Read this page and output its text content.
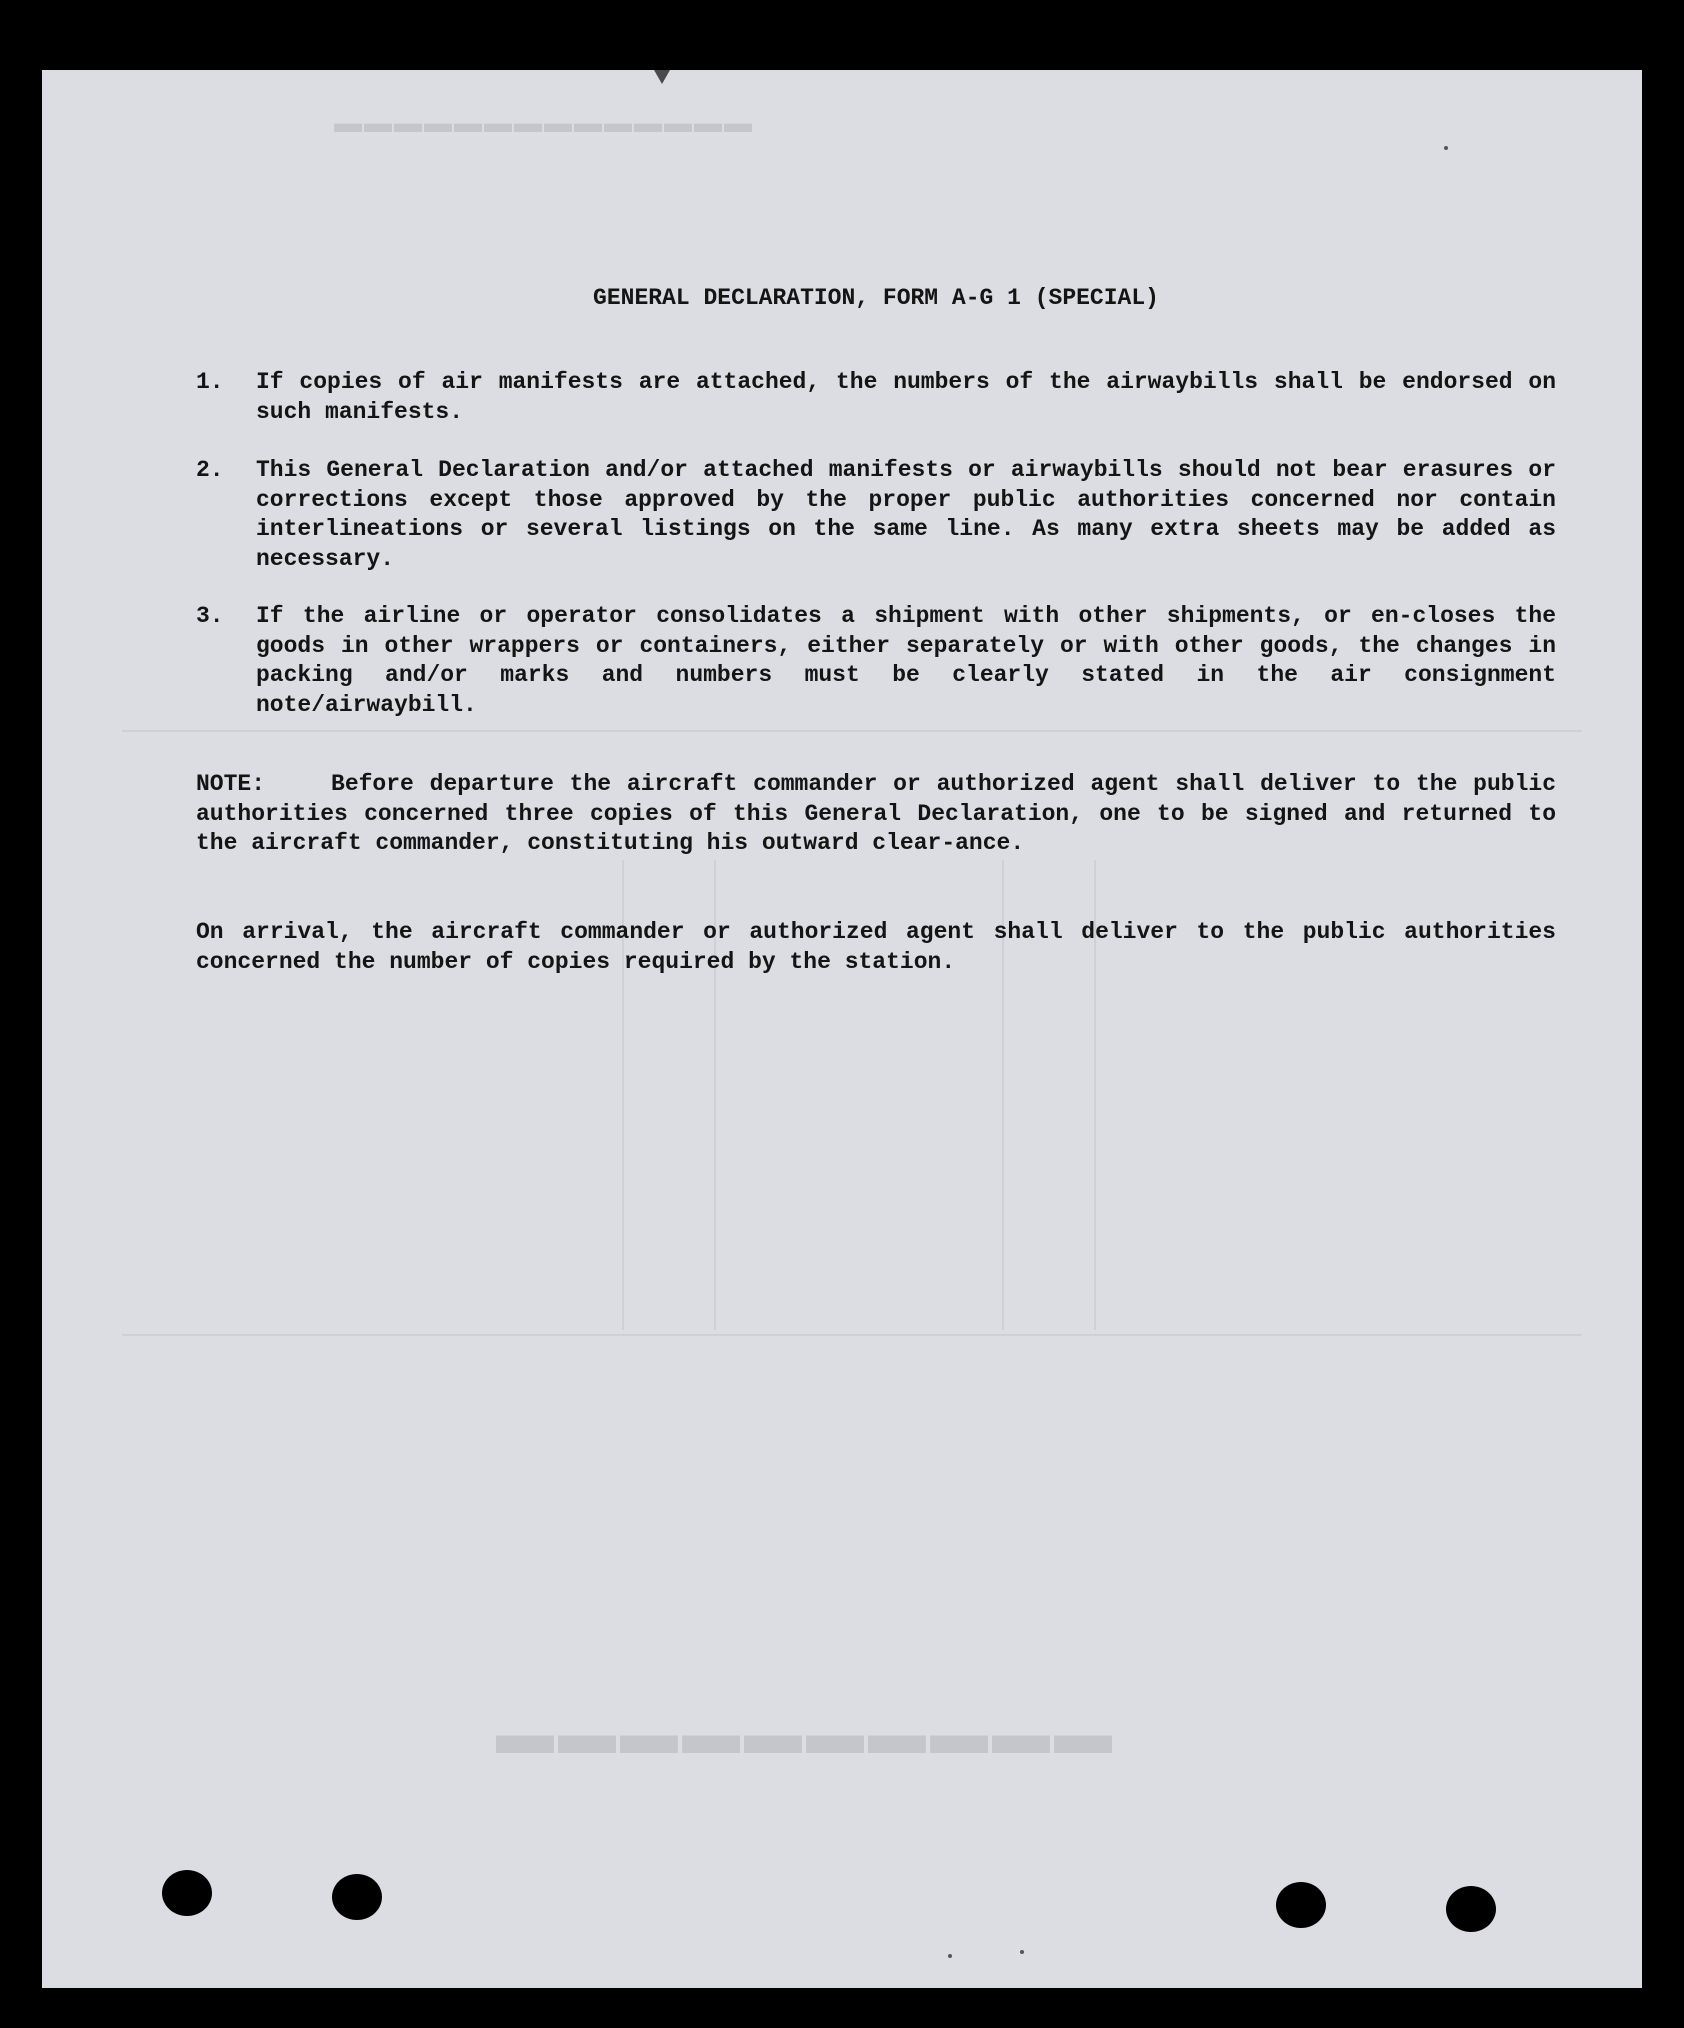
▬▬▬▬▬▬▬▬▬▬▬▬▬▬
▬▬▬▬▬▬▬▬▬▬
GENERAL DECLARATION, FORM A-G 1 (SPECIAL)
1.	If copies of air manifests are attached, the numbers of the airwaybills shall be endorsed on such manifests.
2.	This General Declaration and/or attached manifests or airwaybills should not bear erasures or corrections except those approved by the proper public authorities concerned nor contain interlineations or several listings on the same line. As many extra sheets may be added as necessary.
3.	If the airline or operator consolidates a shipment with other shipments, or en-closes the goods in other wrappers or containers, either separately or with other goods, the changes in packing and/or marks and numbers must be clearly stated in the air consignment note/airwaybill.
NOTE:	Before departure the aircraft commander or authorized agent shall deliver to the public authorities concerned three copies of this General Declaration, one to be signed and returned to the aircraft commander, constituting his outward clear-ance.
On arrival, the aircraft commander or authorized agent shall deliver to the public authorities concerned the number of copies required by the station.
